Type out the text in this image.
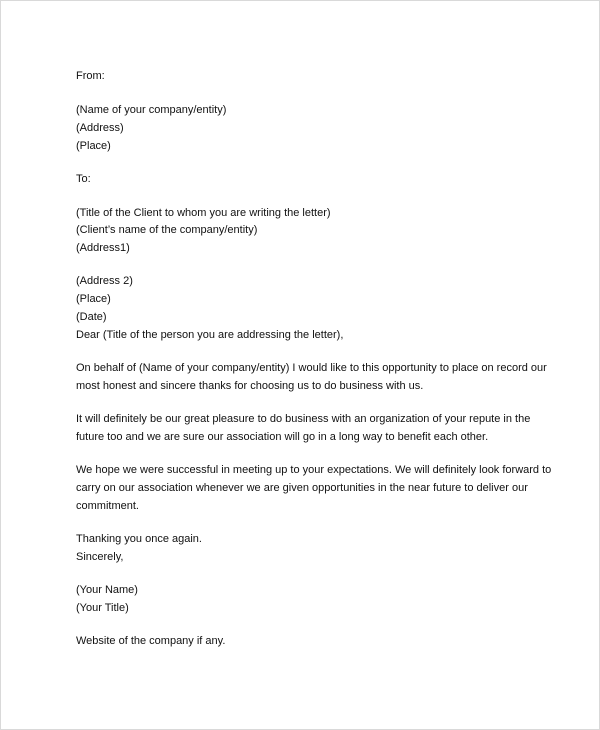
From:

(Name of your company/entity)

(Address)

(Place)

To:

(Title of the Client to whom you are writing the letter)

(Client’s name of the company/entity)

(Address1)

(Address 2)

(Place)

(Date)

Dear (Title of the person you are addressing the letter),

On behalf of (Name of your company/entity) I would like to this opportunity to place on record our

most honest and sincere thanks for choosing us to do business with us.

It will definitely be our great pleasure to do business with an organization of your repute in the

future too and we are sure our association will go in a long way to benefit each other.

We hope we were successful in meeting up to your expectations. We will definitely look forward to

carry on our association whenever we are given opportunities in the near future to deliver our

commitment.

Thanking you once again.

Sincerely,

(Your Name)

(Your Title)

Website of the company if any.
